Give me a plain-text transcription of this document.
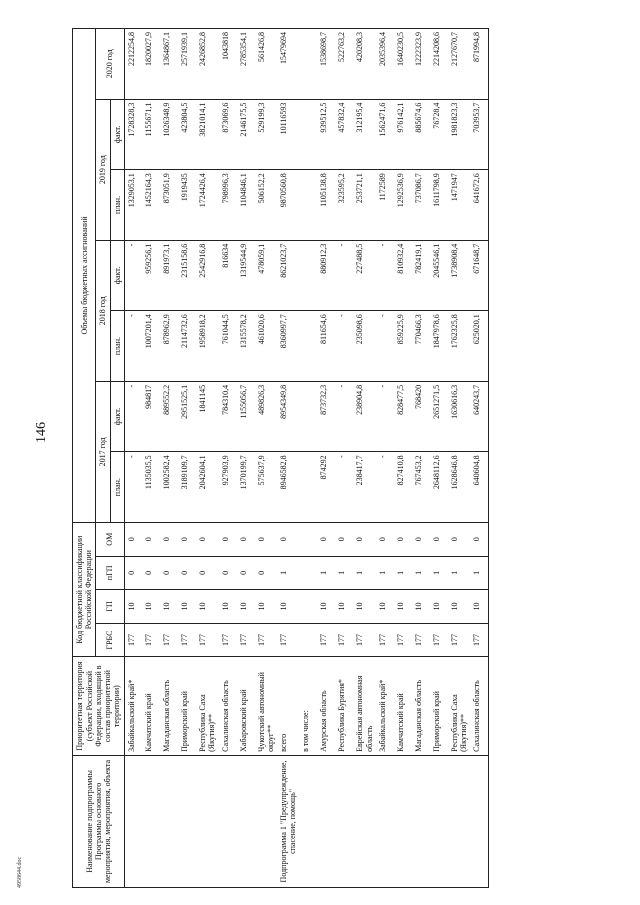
146
4958644.doc	Наименование подпрограммы Программы основного мероприятия, мероприятия, объекта	Приоритетная территория (субъект Российской Федерации, входящий в состав приоритетной территории)	Код бюджетной классификации Российской Федерации				Объемы бюджетных ассигнований						
		ГРБС	ГП	пГП	ОМ	2017 год		2018 год		2019 год		2020 год
						план.	факт.	план.	факт.	план.	факт.	

	Забайкальский край*	177	10	0	0	-	-	-	-	1329053,1	1728328,3	2212254,8
	Камчатский край	177	10	0	0	1135035,5	984817	1007201,4	959256,1	1452164,3	1155671,1	1820027,9
	Магаданская область	177	10	0	0	1002582,4	889552,2	878962,9	891973,1	873051,9	1026348,9	1364867,1
	Приморский край	177	10	0	0	3189109,7	2951525,1	2114732,6	2315158,6	1919435	423804,5	2571939,1
	Республика Саха (Якутия)**	177	10	0	0	2042604,1	1841145	1958918,2	2542916,8	1724426,4	3821014,1	2426852,8
	Сахалинская область	177	10	0	0	927903,9	784310,4	761044,5	816634	798996,3	873069,6	1043818
	Хабаровский край	177	10	0	0	1370199,7	1155056,7	1315578,2	1319544,9	1104846,1	2146175,5	2785354,1
	Чукотский автономный округ**	177	10	0	0	575637,9	489826,3	461020,6	478059,1	506152,2	529199,3	561426,8
Подпрограмма 1 "Предупреждение, спасение, помощь"	всего	177	10	1	0	8946582,8	8954349,8	8360997,7	8621023,7	9870560,8	10116593	15479694
	в том числе:											
	Амурская область	177	10	1	0	874292	873732,3	811654,6	880912,3	1105138,8	939512,5	1538698,7
	Республика Бурятия*	177	10	1	0	-	-	-	-	323595,2	457832,4	522763,2
	Еврейская автономная область	177	10	1	0	238417,7	238904,8	235098,6	227488,5	253721,1	312195,4	420208,3
	Забайкальский край*	177	10	1	0	-	-	-	-	1172589	1562471,6	2035396,4
	Камчатский край	177	10	1	0	827410,8	828477,5	859225,9	810932,4	1292536,9	976142,1	1640230,5
	Магаданская область	177	10	1	0	767453,2	768420	770466,3	782419,1	737086,7	885674,6	1222323,9
	Приморский край	177	10	1	0	2648112,6	2651271,5	1847978,6	2045546,1	1611798,9	76728,4	2214208,6
	Республика Саха (Якутия)**	177	10	1	0	1628646,8	1630616,3	1762325,8	1738908,4	1471947	1981823,3	2127670,7
	Сахалинская область	177	10	1	0	640604,8	640243,7	625020,1	671648,7	641672,6	703953,7	871994,8
